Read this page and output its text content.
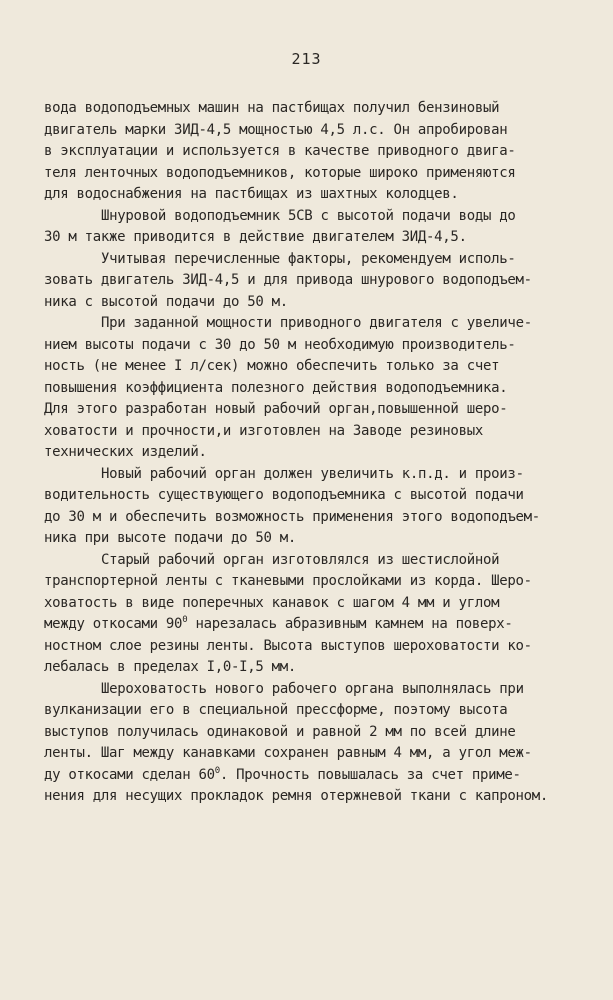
213
вода водоподъемных машин на пастбищах получил бензиновый
двигатель марки ЗИД-4,5 мощностью 4,5 л.с. Он апробирован
в эксплуатации и используется в качестве приводного двига-
теля ленточных водоподъемников, которые широко применяются
для водоснабжения на пастбищах из шахтных колодцев.
Шнуровой водоподъемник 5СВ с высотой подачи воды до
30 м также приводится в действие двигателем ЗИД-4,5.
Учитывая перечисленные факторы, рекомендуем исполь-
зовать двигатель ЗИД-4,5 и для привода шнурового водоподъем-
ника с высотой подачи до 50 м.
При заданной мощности приводного двигателя с увеличе-
нием высоты подачи с 30 до 50 м необходимую производитель-
ность (не менее I л/сек) можно обеспечить только за счет
повышения коэффициента полезного действия водоподъемника.
Для этого разработан новый рабочий орган,повышенной шеро-
ховатости и прочности,и изготовлен на Заводе резиновых
технических изделий.
Новый рабочий орган должен увеличить к.п.д. и произ-
водительность существующего водоподъемника с высотой подачи
до 30 м и обеспечить возможность применения этого водоподъем-
ника при высоте подачи до 50 м.
Старый рабочий орган изготовлялся из шестислойной
транспортерной ленты с тканевыми прослойками из корда. Шеро-
ховатость в виде поперечных канавок с шагом 4 мм и углом
между откосами $90^0$ нарезалась абразивным камнем на поверх-
ностном слое резины ленты. Высота выступов шероховатости ко-
лебалась в пределах I,0-I,5 мм.
Шероховатость нового рабочего органа выполнялась при
вулканизации его в специальной прессформе, поэтому высота
выступов получилась одинаковой и равной 2 мм по всей длине
ленты. Шаг между канавками сохранен равным 4 мм, а угол меж-
ду откосами сделан $60^0$. Прочность повышалась за счет приме-
нения для несущих прокладок ремня отержневой ткани с капроном.
